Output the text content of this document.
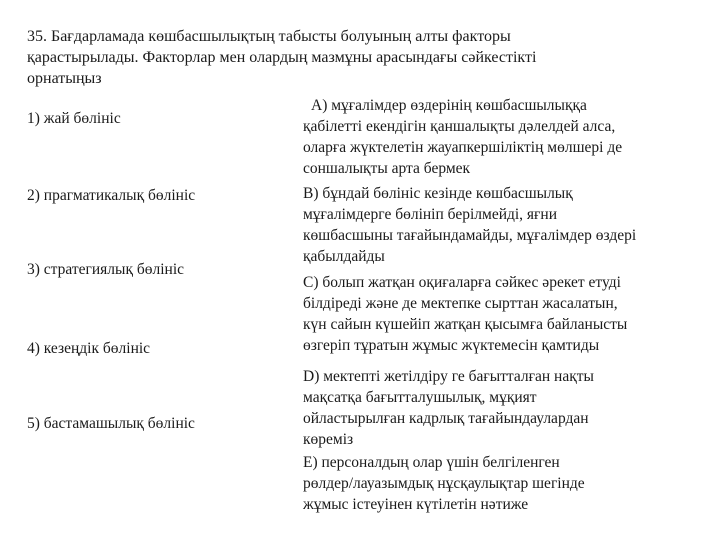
35. Бағдарламада көшбасшылықтың табысты болуының алты факторы
қарастырылады. Факторлар мен олардың мазмұны арасындағы сәйкестікті
орнатыңыз
1) жай бөлініс
2) прагматикалық бөлініс
3) стратегиялық бөлініс
4) кезеңдік бөлініс
5) бастамашылық бөлініс
A) мұғалімдер өздерінің көшбасшылыққа
қабілетті екендігін қаншалықты дәлелдей алса,
оларға жүктелетін жауапкершіліктің мөлшері де
соншалықты арта бермек
B) бұндай бөлініс кезінде көшбасшылық
мұғалімдерге бөлініп берілмейді, яғни
көшбасшыны тағайындамайды, мұғалімдер өздері
қабылдайды
C) болып жатқан оқиғаларға сәйкес әрекет етуді
білдіреді және де мектепке сырттан жасалатын,
күн сайын күшейіп жатқан қысымға байланысты
өзгеріп тұратын жұмыс жүктемесін қамтиды
D) мектепті жетілдіру ге бағытталған нақты
мақсатқа бағытталушылық, мұқият
ойластырылған кадрлық тағайындаулардан
көреміз
E) персоналдың олар үшін белгіленген
рөлдер/лауазымдық нұсқаулықтар шегінде
жұмыс істеуінен күтілетін нәтиже
